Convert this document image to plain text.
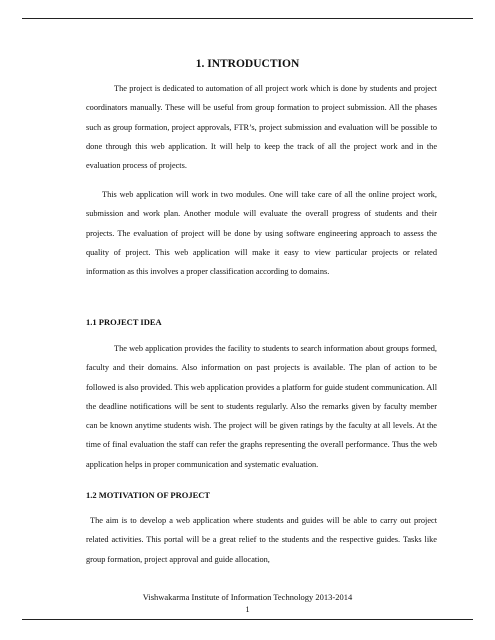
1. INTRODUCTION

The project is dedicated to automation of all project work which is done by students and project coordinators manually. These will be useful from group formation to project submission. All the phases such as group formation, project approvals, FTR’s, project submission and evaluation will be possible to done through this web application. It will help to keep the track of all the project work and in the evaluation process of projects.

This web application will work in two modules. One will take care of all the online project work, submission and work plan. Another module will evaluate the overall progress of students and their projects. The evaluation of project will be done by using software engineering approach to assess the quality of project. This web application will make it easy to view particular projects or related information as this involves a proper classification according to domains.

1.1 PROJECT IDEA

The web application provides the facility to students to search information about groups formed, faculty and their domains. Also information on past projects is available. The plan of action to be followed is also provided. This web application provides a platform for guide student communication. All the deadline notifications will be sent to students regularly. Also the remarks given by faculty member can be known anytime students wish. The project will be given ratings by the faculty at all levels. At the time of final evaluation the staff can refer the graphs representing the overall performance. Thus the web application helps in proper communication and systematic evaluation.

1.2 MOTIVATION OF PROJECT

The aim is to develop a web application where students and guides will be able to carry out project related activities. This portal will be a great relief to the students and the respective guides. Tasks like group formation, project approval and guide allocation,

Vishwakarma Institute of Information Technology 2013-2014
1
